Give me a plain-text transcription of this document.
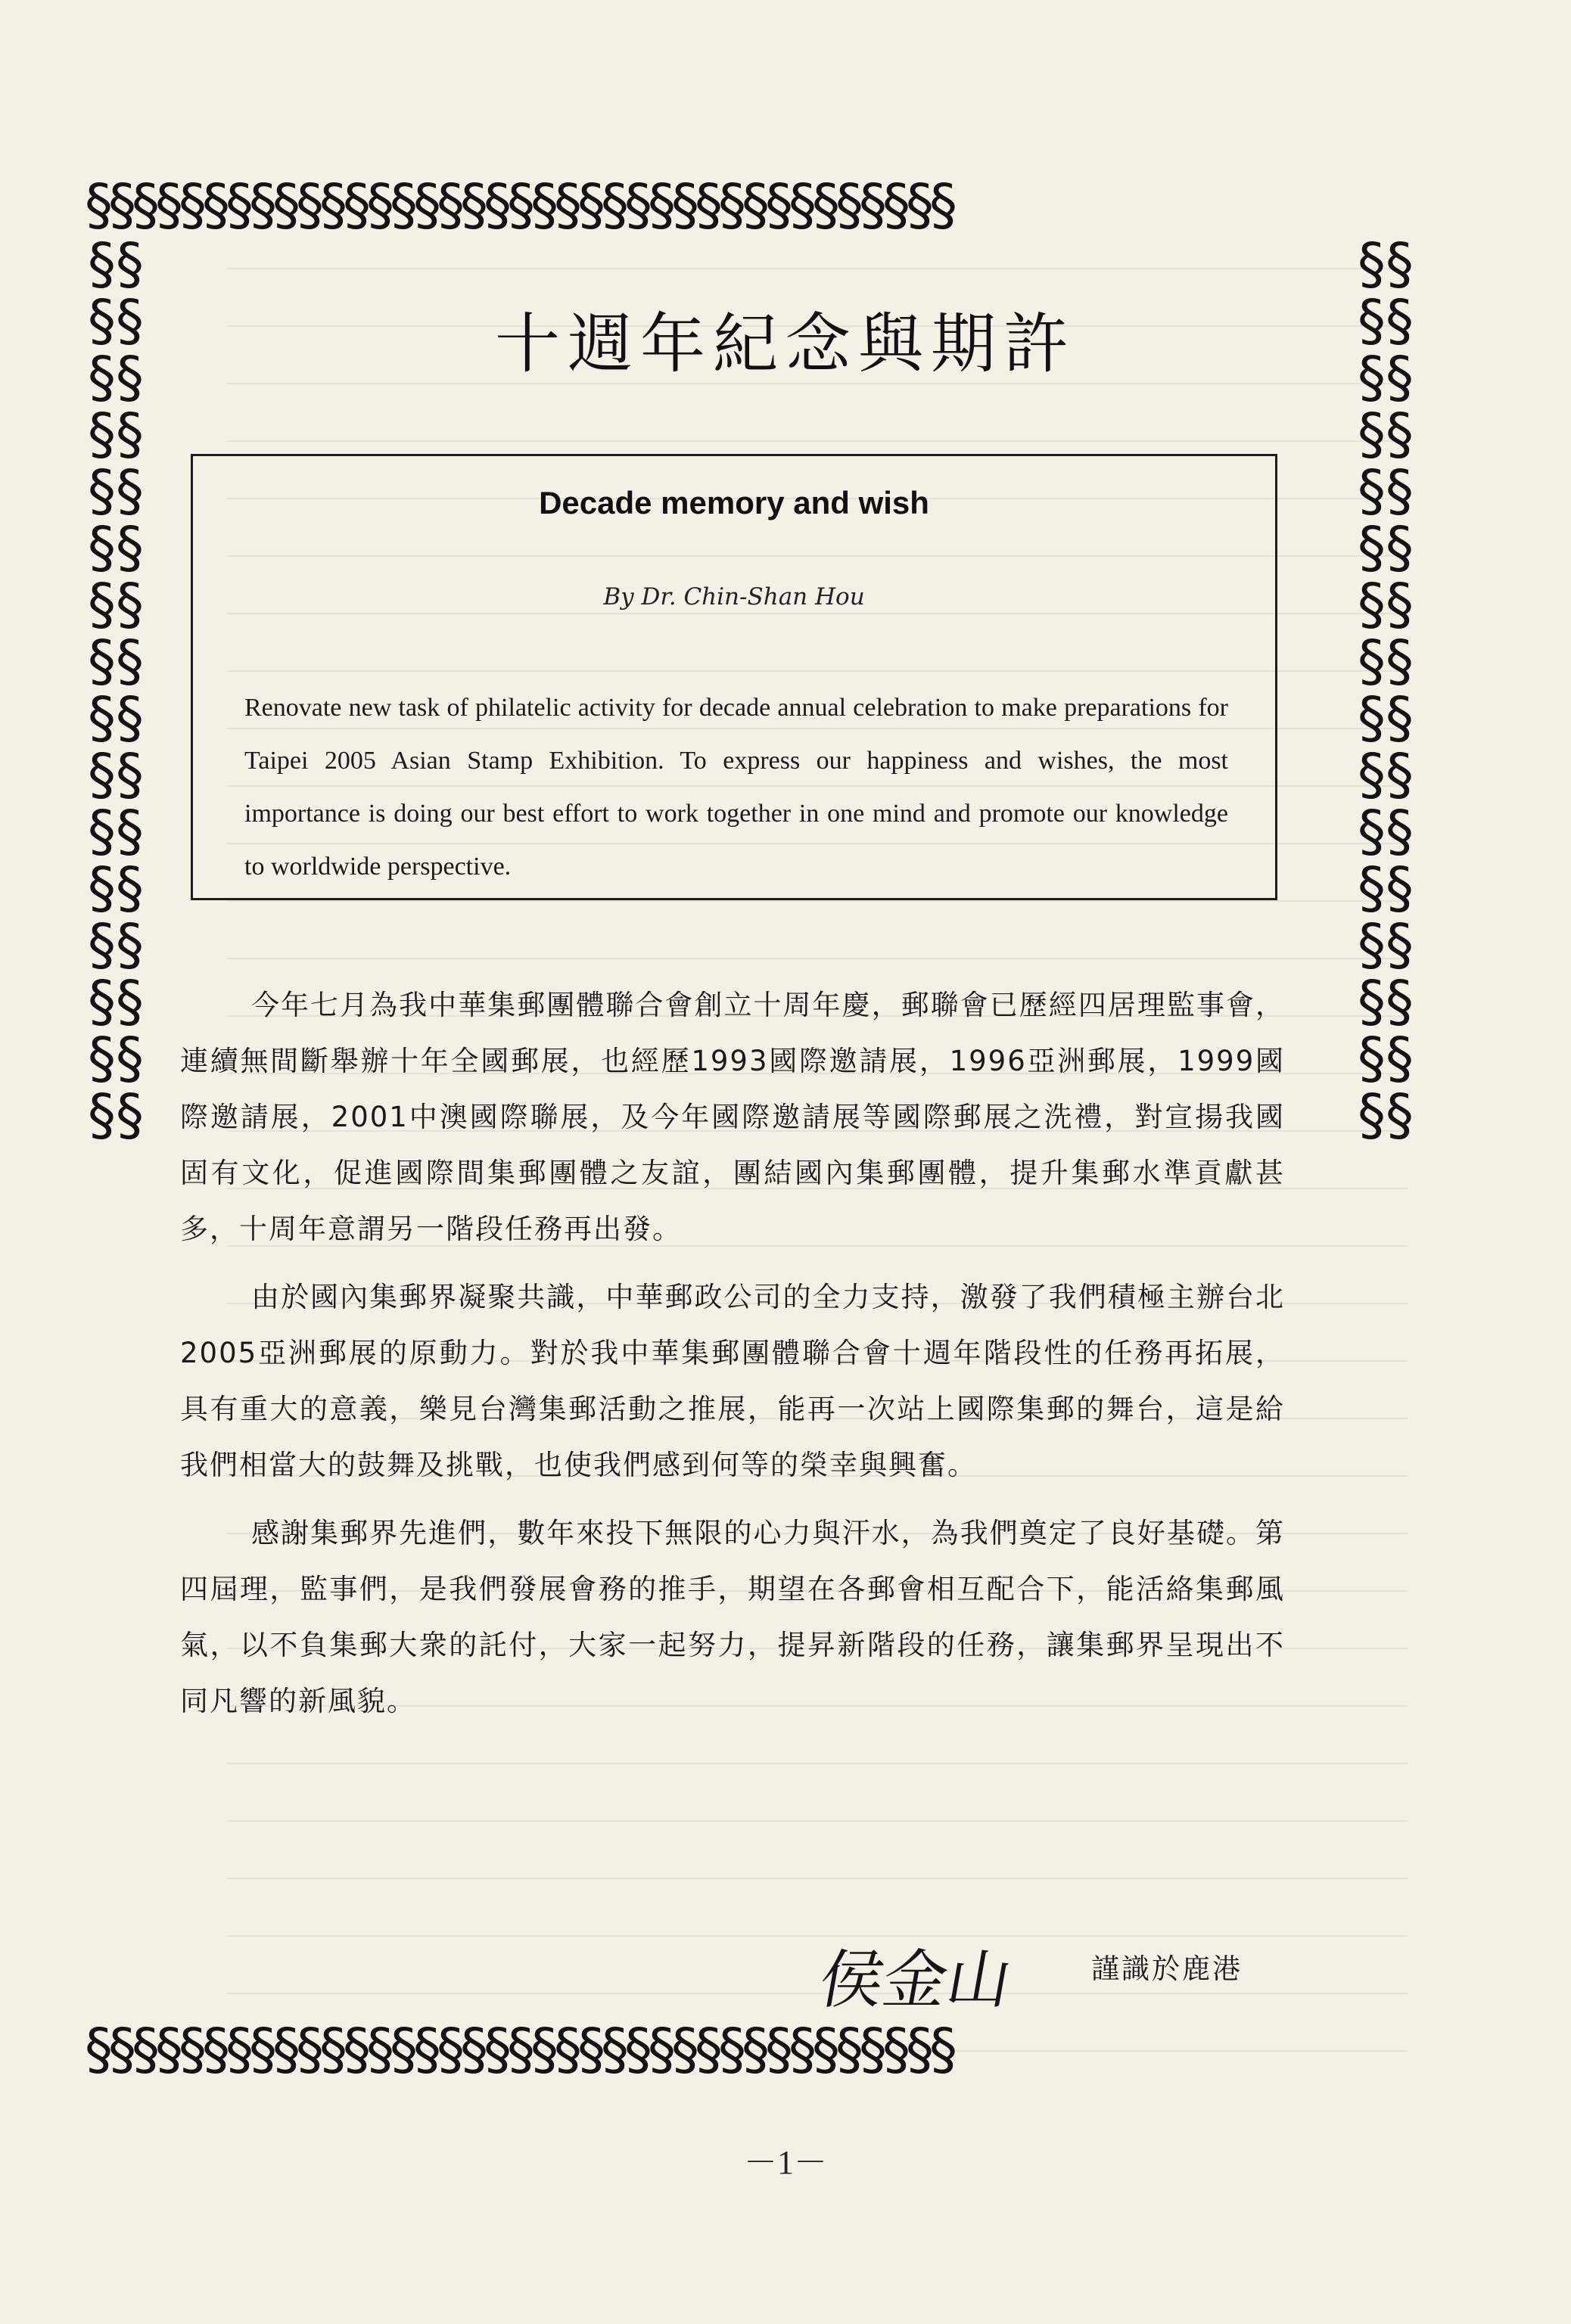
§§§§§§§§§§§§§§§§§§§§§§§§§§§§§§§§§§§§§
§§§§§§§§§§§§§§§§§§§§§§§§§§§§§§§§§§§§§
§§§§§§§§§§§§§§§§§§§§§§§§§§§§§§§§
§§§§§§§§§§§§§§§§§§§§§§§§§§§§§§§§
十週年紀念與期許
Decade memory and wish
By Dr. Chin-Shan Hou
Renovate new task of philatelic activity for decade annual celebration to make preparations for Taipei 2005 Asian Stamp Exhibition. To express our happiness and wishes, the most importance is doing our best effort to work together in one mind and promote our knowledge to worldwide perspective.

今年七月為我中華集郵團體聯合會創立十周年慶，郵聯會已歷經四居理監事會，連續無間斷舉辦十年全國郵展，也經歷1993國際邀請展，1996亞洲郵展，1999國際邀請展，2001中澳國際聯展，及今年國際邀請展等國際郵展之洗禮，對宣揚我國固有文化，促進國際間集郵團體之友誼，團結國內集郵團體，提升集郵水準貢獻甚多，十周年意謂另一階段任務再出發。

由於國內集郵界凝聚共識，中華郵政公司的全力支持，激發了我們積極主辦台北2005亞洲郵展的原動力。對於我中華集郵團體聯合會十週年階段性的任務再拓展，具有重大的意義，樂見台灣集郵活動之推展，能再一次站上國際集郵的舞台，這是給我們相當大的鼓舞及挑戰，也使我們感到何等的榮幸與興奮。

感謝集郵界先進們，數年來投下無限的心力與汗水，為我們奠定了良好基礎。第四屆理，監事們，是我們發展會務的推手，期望在各郵會相互配合下，能活絡集郵風氣，以不負集郵大衆的託付，大家一起努力，提昇新階段的任務，讓集郵界呈現出不同凡響的新風貌。

侯金山	謹識於鹿港
－1－
